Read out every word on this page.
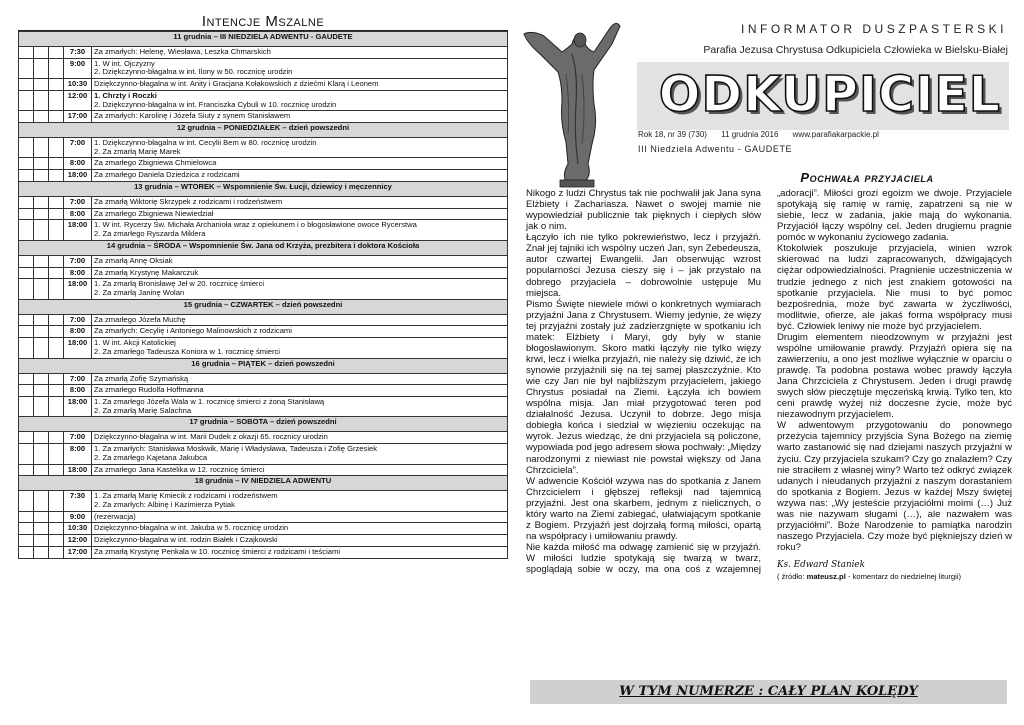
Intencje Mszalne
11 grudnia – III NIEDZIELA ADWENTU - GAUDETE				
			7:30	Za zmarłych: Helenę, Wiesława, Leszka Chmarskich

			9:00	1. W int. Ojczyzny
2. Dziękczynno-błagalna w int. Ilony w 50. rocznicę urodzin

			10:30	Dziękczynno-błagalna w int. Anity i Gracjana Kołakowskich z dziećmi Klarą i Leonem

			12:00	1. Chrzty i Roczki
2. Dziękczynno-błagalna w int. Franciszka Cybuli w 10. rocznicę urodzin

			17:00	Za zmarłych: Karolinę i Józefa Siuty z synem Stanisławem

12 grudnia – PONIEDZIAŁEK – dzień powszedni				
			7:00	1. Dziękczynno-błagalna w int. Cecylii Bem w 80. rocznicę urodzin
2. Za zmarłą Marię Marek

			8:00	Za zmarłego Zbigniewa Chmielowca

			18:00	Za zmarłego Daniela Dziedzica z rodzicami

13 grudnia – WTOREK – Wspomnienie Św. Łucji, dziewicy i męczennicy				
			7:00	Za zmarłą Wiktorię Skrzypek z rodzicami i rodzeństwem

			8:00	Za zmarłego Zbigniewa Niewiedział

			18:00	1. W int. Rycerzy Św. Michała Archanioła wraz z opiekunem i o błogosławione owoce Rycerstwa
2. Za zmarłego Ryszarda Miklera

14 grudnia – ŚRODA – Wspomnienie Św. Jana od Krzyża, prezbitera i doktora Kościoła				
			7:00	Za zmarłą Annę Oksiak

			8:00	Za zmarłą Krystynę Makarczuk

			18:00	1. Za zmarłą Bronisławę Jeł w 20. rocznicę śmierci
2. Za zmarłą Janinę Wolan

15 grudnia – CZWARTEK – dzień powszedni				
			7:00	Za zmarłego Józefa Muchę

			8:00	Za zmarłych: Cecylię i Antoniego Malinowskich z rodzicami

			18:00	1. W int. Akcji Katolickiej
2. Za zmarłego Tadeusza Koniora w 1. rocznicę śmierci

16 grudnia – PIĄTEK – dzień powszedni				
			7:00	Za zmarłą Zofię Szymańską

			8:00	Za zmarłego Rudolfa Hoffmanna

			18:00	1. Za zmarłego Józefa Wala w 1. rocznicę śmierci z żoną Stanisławą
2. Za zmarłą Marię Salachna

17 grudnia – SOBOTA – dzień powszedni				
			7:00	Dziękczynno-błagalna w int. Marii Dudek z okazji 65. rocznicy urodzin

			8:00	1. Za zmarłych: Stanisława Moskwik, Marię i Władysława, Tadeusza i Zofię Grzesiek
2. Za zmarłego Kajetana Jakubca

			18:00	Za zmarłego Jana Kastelika w 12. rocznicę śmierci

18 grudnia – IV NIEDZIELA ADWENTU				
			7:30	1. Za zmarłą Marię Kmiecik z rodzicami i rodzeństwem
2. Za zmarłych: Albinę i Kazimierza Pytiak

			9:00	(rezerwacja)

			10:30	Dziękczynno-błagalna w int. Jakuba w 5. rocznicę urodzin

			12:00	Dziękczynno-błagalna w int. rodzin Białek i Czajkowski

			17:00	Za zmarłą Krystynę Penkala w 10. rocznicę śmierci z rodzicami i teściami
INFORMATOR DUSZPASTERSKI
Parafia Jezusa Chrystusa Odkupiciela Człowieka w Bielsku-Białej
ODKUPICIEL
Rok 18, nr 39 (730) 11 grudnia 2016 www.parafiakarpackie.pl
III Niedziela Adwentu - GAUDETE
Pochwała przyjaciela

Nikogo z ludzi Chrystus tak nie pochwalił jak Jana syna Elżbiety i Zachariasza. Nawet o swojej mamie nie wypowiedział publicznie tak pięknych i ciepłych słów jak o nim.

Łączyło ich nie tylko pokrewieństwo, lecz i przyjaźń. Znał jej tajniki ich wspólny uczeń Jan, syn Zebedeusza, autor czwartej Ewangelii. Jan obserwując wzrost popularności Jezusa cieszy się i – jak przystało na dobrego przyjaciela – dobrowolnie ustępuje Mu miejsca.

Pismo Święte niewiele mówi o konkretnych wymiarach przyjaźni Jana z Chrystusem. Wiemy jedynie, że więzy tej przyjaźni zostały już zadzierzgnięte w spotkaniu ich matek: Elżbiety i Maryi, gdy były w stanie błogosławionym. Skoro matki łączyły nie tylko więzy krwi, lecz i wielka przyjaźń, nie należy się dziwić, że ich synowie przyjaźnili się na tej samej płaszczyźnie. Kto wie czy Jan nie był najbliższym przyjacielem, jakiego Chrystus posiadał na Ziemi. Łączyła ich bowiem wspólna misja. Jan miał przygotować teren pod działalność Jezusa. Uczynił to dobrze. Jego misja dobiegła końca i siedział w więzieniu oczekując na wyrok. Jezus wiedząc, że dni przyjaciela są policzone, wypowiada pod jego adresem słowa pochwały: „Między narodzonymi z niewiast nie powstał większy od Jana Chrzciciela”.

W adwencie Kościół wzywa nas do spotkania z Janem Chrzcicielem i głębszej refleksji nad tajemnicą przyjaźni. Jest ona skarbem, jednym z nielicznych, o który warto na Ziemi zabiegać, ułatwiającym spotkanie z Bogiem. Przyjaźń jest dojrzałą formą miłości, opartą na współpracy i umiłowaniu prawdy.

Nie każda miłość ma odwagę zamienić się w przyjaźń. W miłości ludzie spotykają się twarzą w twarz, spoglądają sobie w oczy, ma ona coś z wzajemnej „adoracji”. Miłości grozi egoizm we dwoje. Przyjaciele spotykają się ramię w ramię, zapatrzeni są nie w siebie, lecz w zadania, jakie mają do wykonania. Przyjaciół łączy wspólny cel. Jeden drugiemu pragnie pomóc w wykonaniu życiowego zadania.

Ktokolwiek poszukuje przyjaciela, winien wzrok skierować na ludzi zapracowanych, dźwigających ciężar odpowiedzialności. Pragnienie uczestniczenia w trudzie jednego z nich jest znakiem gotowości na spotkanie przyjaciela. Nie musi to być pomoc bezpośrednia, może być zawarta w życzliwości, modlitwie, ofierze, ale jakaś forma współpracy musi być. Człowiek leniwy nie może być przyjacielem.

Drugim elementem nieodzownym w przyjaźni jest wspólne umiłowanie prawdy. Przyjaźń opiera się na zawierzeniu, a ono jest możliwe wyłącznie w oparciu o prawdę. Ta podobna postawa wobec prawdy łączyła Jana Chrzciciela z Chrystusem. Jeden i drugi prawdę swych słów pieczętuje męczeńską krwią. Tylko ten, kto ceni prawdę wyżej niż doczesne życie, może być niezawodnym przyjacielem.

W adwentowym przygotowaniu do ponownego przeżycia tajemnicy przyjścia Syna Bożego na ziemię warto zastanowić się nad dziejami naszych przyjaźni w życiu. Czy przyjaciela szukam? Czy go znalazłem? Czy nie straciłem z własnej winy? Warto też odkryć związek udanych i nieudanych przyjaźni z naszym dorastaniem do spotkania z Bogiem. Jezus w każdej Mszy świętej wzywa nas: „Wy jesteście przyjaciółmi moimi (…) Już was nie nazywam sługami (…), ale nazwałem was przyjaciółmi”. Boże Narodzenie to pamiątka narodzin naszego Przyjaciela. Czy może być piękniejszy dzień w roku?

Ks. Edward Staniek

( źródło: mateusz.pl - komentarz do niedzielnej liturgii)

W TYM NUMERZE : CAŁY PLAN KOLĘDY
